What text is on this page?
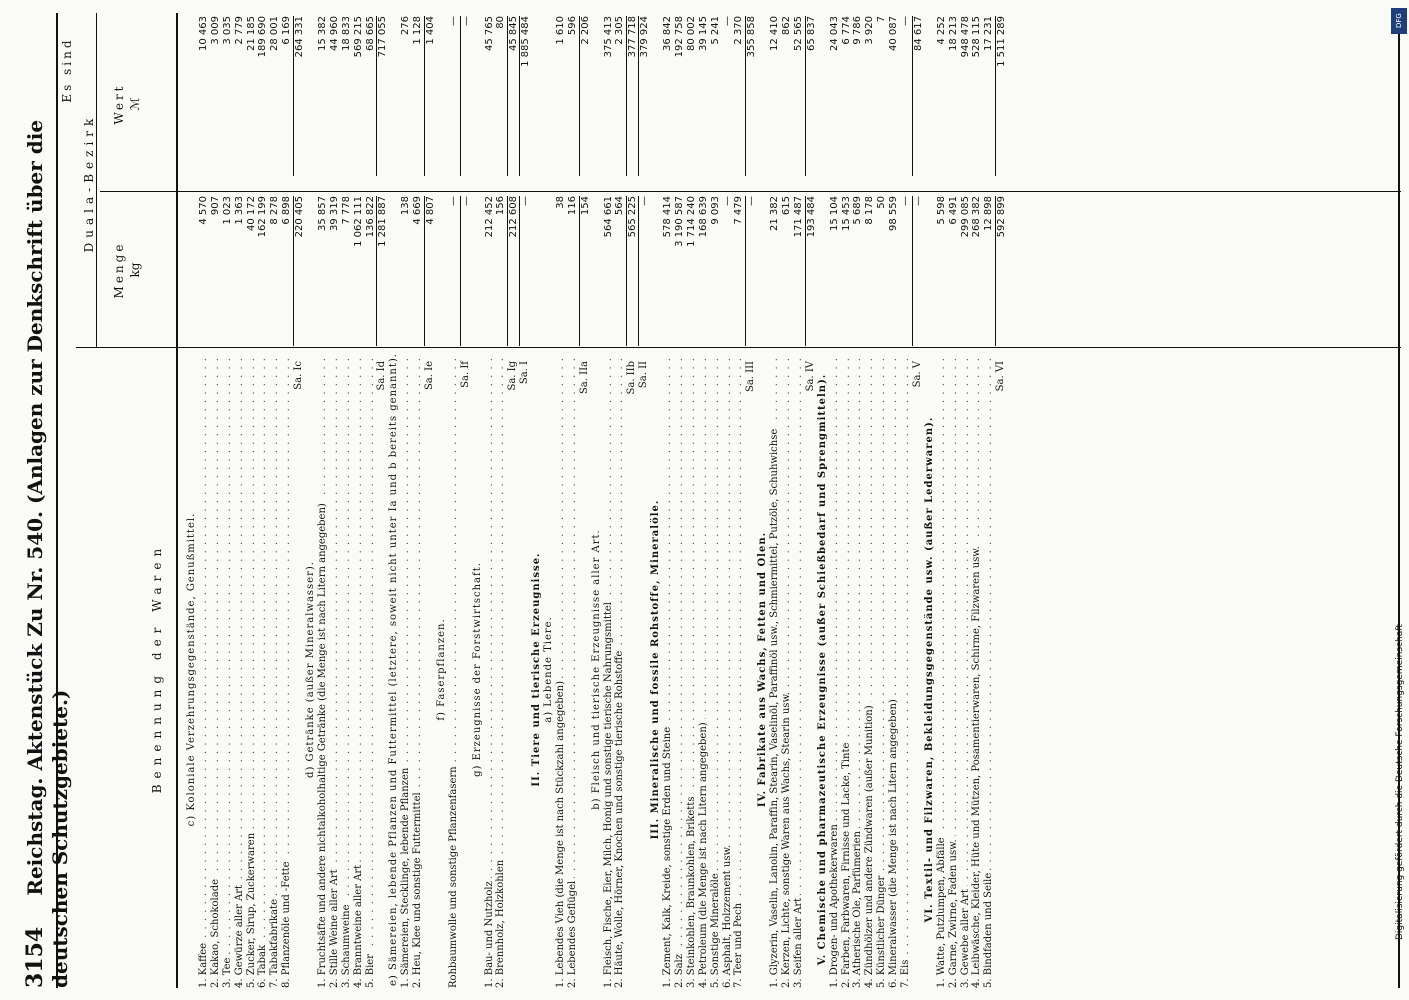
3154 Reichstag. Aktenstück Zu Nr. 540. (Anlagen zur Denkschrift über die deutschen Schutzgebiete.)
Benennung der Waren
Es sind
Duala-Bezirk
Menge kg
Wert ℳ
c) Koloniale Verzehrungsgegenstände, Genußmittel.
1. Kaffee . . .
4 570
10 463
2. Kakao, Schokolade . . .
907
3 009
3. Tee . . .
1 023
3 035
4. Gewürze aller Art . . .
1 363
2 779
5. Zucker, Sirup, Zuckerwaren . . .
40 172
21 185
6. Tabak . . .
162 199
189 690
7. Tabakfabrikate . . .
8 278
28 001
8. Pflanzenöle und -Fette . . .
6 898
6 169
Sa. Ic
220 405
264 331
d) Getränke (außer Mineralwasser). 1. Fruchtsäfte und andere nichtalkoholhaltige Getränke (die Menge ist nach Litern angegeben) . . .
35 857
15 382
2. Stille Weine aller Art . . .
39 319
44 960
3. Schaumweine . . .
7 778
18 833
4. Branntweine aller Art . . .
1 062 111
569 215
5. Bier . . .
136 822
68 665
Sa. Id
1 281 887
717 055
e) Sämereien, lebende Pflanzen und Futtermittel (letztere, soweit nicht unter Ia und b bereits genannt). 1. Sämereien, Stecklinge, lebende Pflanzen . . .
138
276
2. Heu, Klee und sonstige Futtermittel . . .
4 669
1 128
Sa. Ie
4 807
1 404
f) Faserpflanzen.
Rohbaumwolle und sonstige Pflanzenfasern . . .
—
—
Sa. If
—
—
g) Erzeugnisse der Forstwirtschaft.
1. Bau- und Nutzholz . . .
212 452
45 765
2. Brennholz, Holzkohlen . . .
156
80
Sa. Ig
212 608
45 845
Sa. I
—
1 885 484
II. Tiere und tierische Erzeugnisse. a) Lebende Tiere.
1. Lebendes Vieh (die Menge ist nach Stückzahl angegeben) . . .
38
1 610
2. Lebendes Geflügel . . .
116
596
Sa. IIa
154
2 206
b) Fleisch und tierische Erzeugnisse aller Art. 1. Fleisch, Fische, Eier, Milch, Honig und sonstige tierische Nahrungsmittel . . .
564 661
375 413
2. Häute, Wolle, Hörner, Knochen und sonstige tierische Rohstoffe . . .
564
2 305
Sa. IIb
565 225
377 718
Sa. II
—
379 924
III. Mineralische und fossile Rohstoffe, Mineralöle.
1. Zement, Kalk, Kreide, sonstige Erden und Steine . . .
578 414
36 842
2. Salz . . .
3 190 587
192 758
3. Steinkohlen, Braunkohlen, Briketts . . .
1 714 240
80 002
4. Petroleum (die Menge ist nach Litern angegeben) . . .
168 639
39 145
5. Sonstige Mineralöle . . .
9 093
5 241
6. Asphalt, Holzzement usw. . . .
—
—
7. Teer und Pech . . .
7 479
2 370
Sa. III
—
355 858
IV. Fabrikate aus Wachs, Fetten und Ölen. 1. Glyzerin, Vaselin, Lanolin, Paraffin, Stearin, Vaselinöl, Paraffinöl usw., Schmiermittel, Putzöle, Schuhwichse . . .
21 382
12 410
2. Kerzen, Lichte, sonstige Waren aus Wachs, Stearin usw. . . .
615
862
3. Seifen aller Art . . .
171 487
52 565
Sa. IV
193 484
65 837
V. Chemische und pharmazeutische Erzeugnisse (außer Schießbedarf und Sprengmitteln). 1. Drogen- und Apothekerwaren . . .
15 104
24 043
2. Farben, Farbwaren, Firnisse und Lacke, Tinte . . .
15 453
6 774
3. Ätherische Öle, Parfümerien . . .
5 689
9 786
4. Zündhölzer und andere Zündwaren (außer Munition) . . .
8 178
3 920
5. Künstlicher Dünger . . .
50
7
6. Mineralwasser (die Menge ist nach Litern angegeben) . . .
98 559
40 087
7. Eis . . .
—
—
Sa. V
—
84 617
VI. Textil- und Filzwaren, Bekleidungsgegenstände usw. (außer Lederwaren). 1. Watte, Putzlumpen, Abfälle . . .
5 598
4 252
2. Garne, Zwirne, Faden usw. . . .
6 491
18 213
3. Gewebe aller Art . . .
299 085
948 478
4. Leibwäsche, Kleider, Hüte und Mützen, Posamentierwaren, Schirme, Filzwaren usw. . . .
268 382
528 115
5. Bindfaden und Seile . . .
12 898
17 231
Sa. VI
592 899
1 511 289	DFG
Digitalisierung gefördert durch die Deutsche Forschungsgemeinschaft
